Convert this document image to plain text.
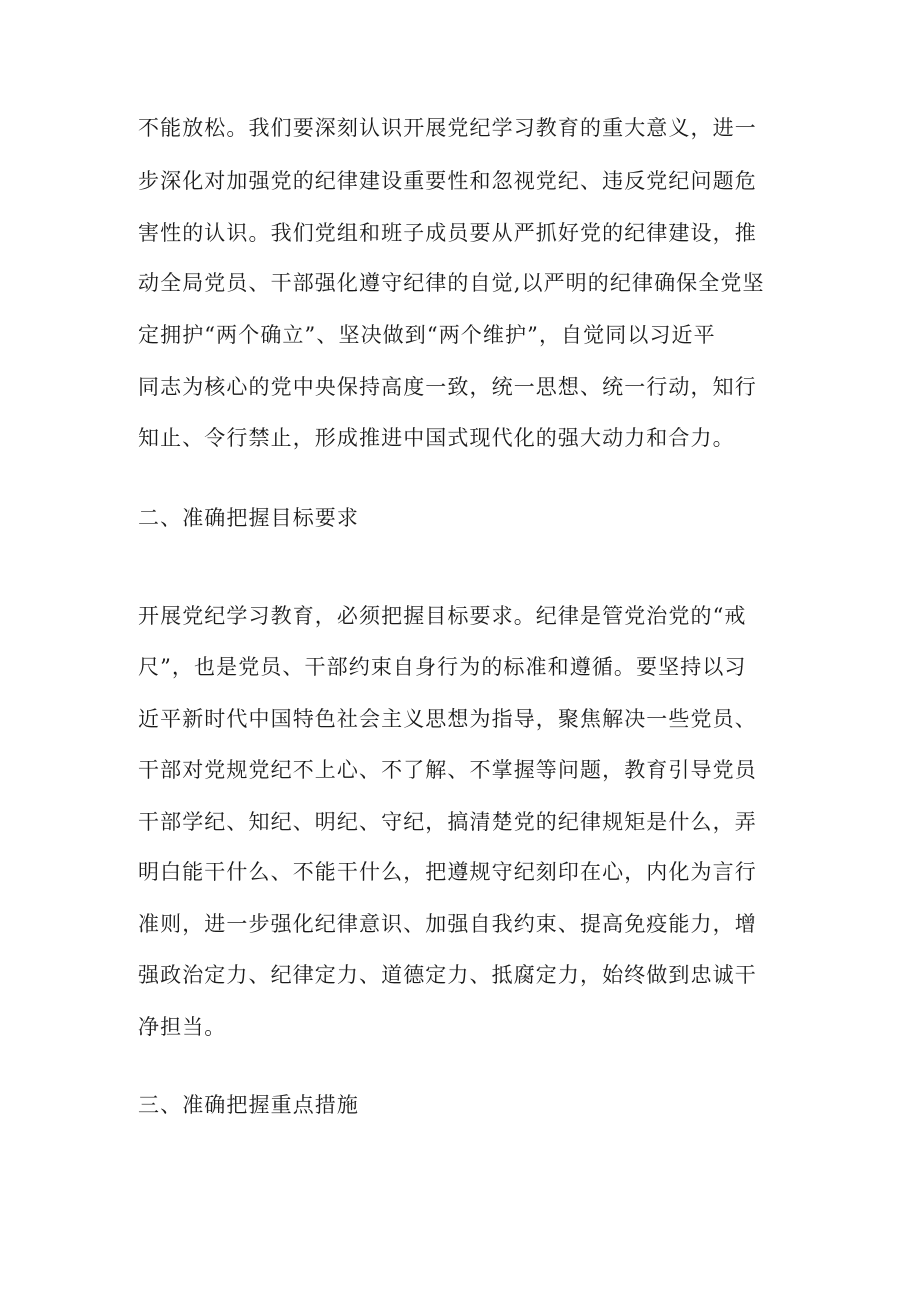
不能放松。我们要深刻认识开展党纪学习教育的重大意义，进一
步深化对加强党的纪律建设重要性和忽视党纪、违反党纪问题危
害性的认识。我们党组和班子成员要从严抓好党的纪律建设，推
动全局党员、干部强化遵守纪律的自觉,以严明的纪律确保全党坚
定拥护“两个确立”、坚决做到“两个维护”，自觉同以习近平
同志为核心的党中央保持高度一致，统一思想、统一行动，知行
知止、令行禁止，形成推进中国式现代化的强大动力和合力。
二、准确把握目标要求
开展党纪学习教育，必须把握目标要求。纪律是管党治党的“戒
尺”，也是党员、干部约束自身行为的标准和遵循。要坚持以习
近平新时代中国特色社会主义思想为指导，聚焦解决一些党员、
干部对党规党纪不上心、不了解、不掌握等问题，教育引导党员
干部学纪、知纪、明纪、守纪，搞清楚党的纪律规矩是什么，弄
明白能干什么、不能干什么，把遵规守纪刻印在心，内化为言行
准则，进一步强化纪律意识、加强自我约束、提高免疫能力，增
强政治定力、纪律定力、道德定力、抵腐定力，始终做到忠诚干
净担当。
三、准确把握重点措施
